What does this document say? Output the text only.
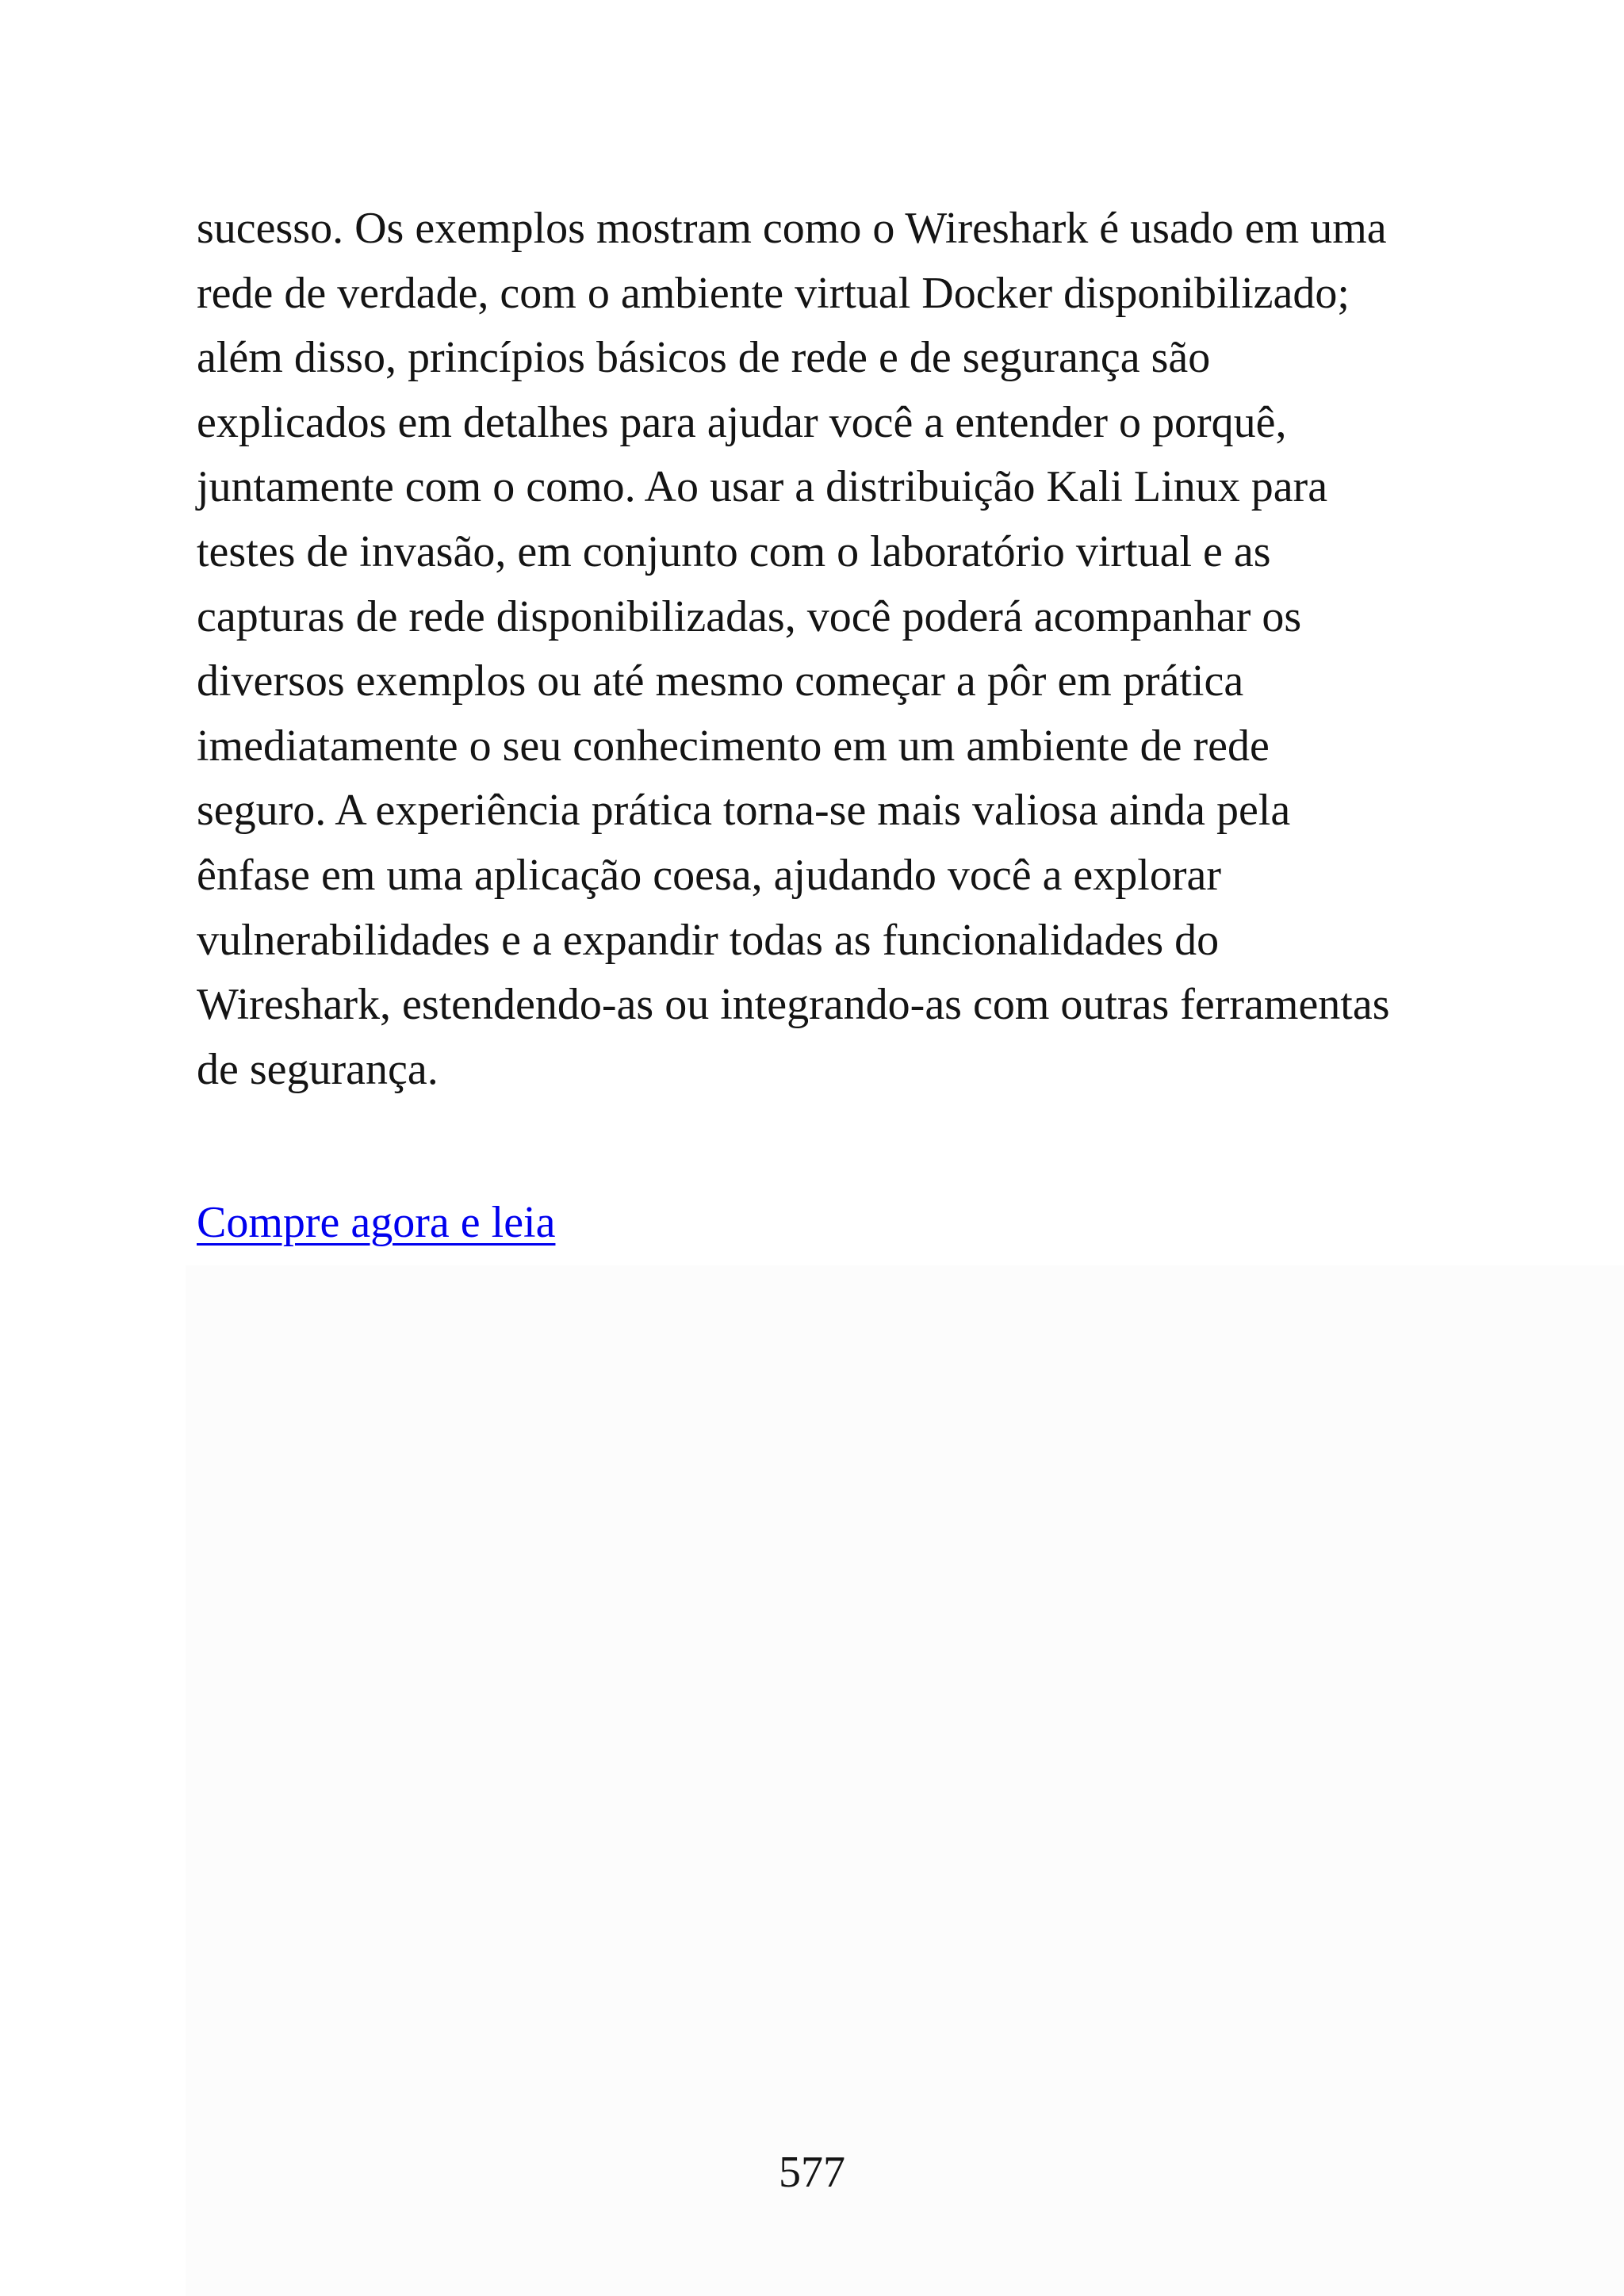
sucesso. Os exemplos mostram como o Wireshark é usado em uma
rede de verdade, com o ambiente virtual Docker disponibilizado;
além disso, princípios básicos de rede e de segurança são
explicados em detalhes para ajudar você a entender o porquê,
juntamente com o como. Ao usar a distribuição Kali Linux para
testes de invasão, em conjunto com o laboratório virtual e as
capturas de rede disponibilizadas, você poderá acompanhar os
diversos exemplos ou até mesmo começar a pôr em prática
imediatamente o seu conhecimento em um ambiente de rede
seguro. A experiência prática torna-se mais valiosa ainda pela
ênfase em uma aplicação coesa, ajudando você a explorar
vulnerabilidades e a expandir todas as funcionalidades do
Wireshark, estendendo-as ou integrando-as com outras ferramentas
de segurança.

Compre agora e leia
577
